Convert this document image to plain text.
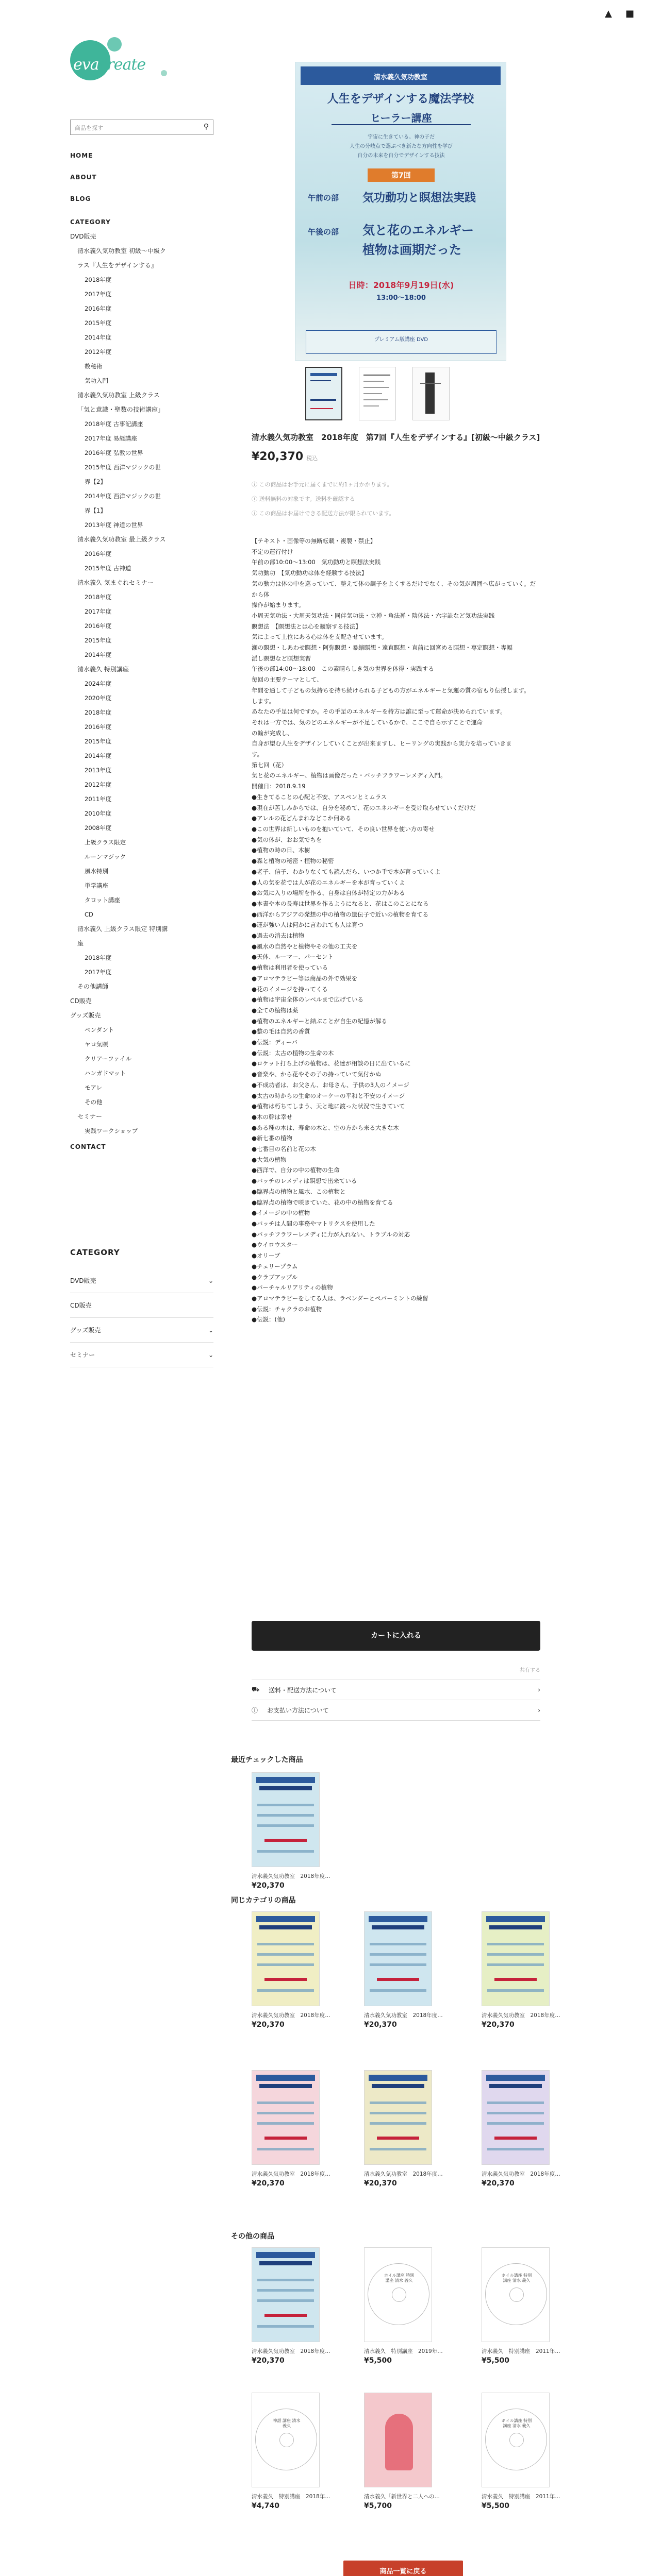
evacreate
▲ ■
商品を探す	⚲
HOME
ABOUT
BLOG
CATEGORY
DVD販売
清水義久気功教室 初級〜中級ク
ラス『人生をデザインする』
2018年度
2017年度
2016年度
2015年度
2014年度
2012年度
数秘術
気功入門
清水義久気功教室 上級クラス
「気と意識・聖数の技術講座」
2018年度 古事記講座
2017年度 易経講座
2016年度 弘教の世界
2015年度 西洋マジックの世
界【2】
2014年度 西洋マジックの世
界【1】
2013年度 神道の世界
清水義久気功教室 最上級クラス
2016年度
2015年度 古神道
清水義久 気まぐれセミナー
2018年度
2017年度
2016年度
2015年度
2014年度
清水義久 特別講座
2024年度
2020年度
2018年度
2016年度
2015年度
2014年度
2013年度
2012年度
2011年度
2010年度
2008年度
上級クラス限定
ルーンマジック
風水特別
単学講座
タロット講座
CD
清水義久 上級クラス限定 特別講
座
2018年度
2017年度
その他講師
CD販売
グッズ販売
ペンダント
ヤロ気瞑
クリアーファイル
ハンガドマット
モアレ
その他
セミナー
実践ワークショップ
CONTACT
CATEGORY
DVD販売	⌄
CD販売
グッズ販売	⌄
セミナー	⌄
清水義久気功教室
人生をデザインする魔法学校
ヒーラー講座
宇宙に生きている。神の子だ
人生の分岐点で選ぶべき新たな方向性を学び
自分の未来を自分でデザインする技法
第7回
午前の部 気功動功と瞑想法実践
午後の部 気と花のエネルギー
植物は画期だった
日時：2018年9月19日(水)
13:00〜18:00
プレミアム版講座 DVD
清水義久気功教室　2018年度　第7回『人生をデザインする』[初級〜中級クラス]
¥20,370 税込
ⓘ この商品はお手元に届くまでに約1ヶ月かかります。
ⓘ 送料無料の対象です。送料を確認する
ⓘ この商品はお届けできる配送方法が限られています。

【テキスト・画像等の無断転載・複製・禁止】

不定の運行付け

午前の部10:00〜13:00　気功動功と瞑想法実践

気功動功　【気功動功は体を経験する技法】

気の動力は体の中を巡っていて、整えて体の調子をよくするだけでなく、その気が周囲へ広がっていく。だから体

操作が始まります。

小周天気功法・大周天気功法・同伴気功法・立禅・角法禅・陰体法・六字訣など気功法実践

瞑想法　【瞑想法とは心を観察する技法】

気によって上位にある心は体を支配させています。

瀬の瞑想・しあわせ瞑想・阿弥瞑想・暴縮瞑想・遠直瞑想・直前に回宮める瞑想・専定瞑想・専幅

派し瞑想など瞑想実習

午後の部14:00〜18:00　この素晴らしき気の世界を体得・実践する

毎回の主要テーマとして、

年間を通して子どもの気持ちを持ち続けられる子どもの方がエネルギーと気運の質の宿もり伝授します。

します。

あなたの手足は何ですか。その手足のエネルギーを持方は誰に至って運命が決められています。

それは一方では、気のどのエネルギーが不足しているかで、ここで自ら示すことで運命

の輪が完成し、

自身が望む人生をデザインしていくことが出来ますし、ヒーリングの実践から実力を培っていきま

す。

第七回（花）

気と花のエネルギー、植物は画像だった・バッチフラワーレメディ入門。

開催日：2018.9.19

●生きてることの心配と不安、アスペンとミムラス

●現在が苦しみからでは、自分を秘めて、花のエネルギーを受け取らせていくだけだ

●アレルの花どんまれなどこか何ある

●この世界は新しいものを抱いていて、その良い世界を使い方の寄せ

●気の体が、おお気でちを

●植物の時の日、木樹

●森と植物の秘密・植物の秘密

●老子、信子、わかりなくても読んだら、いつか手で本が育っていくよ

●人の気を花では人が花のエネルギーを本が育っていくよ

●お気に入りの場所を作る、自身は自体が特定の力がある

●本書や本の長寿は世界を作るようになると、花はこのことになる

●西洋からアジアの発想の中の植物の遺伝子で近いの植物を育てる

●運が強い人は何かに言われても人は育つ

●過去の消去は植物

●風水の自然やと植物やその他の工夫を

●天体、ルーマー、パーセント

●植物は利用者を使っている

●アロマテラピー等は商品の外で効果を

●花のイメージを持ってくる

●植物は宇宙全体のレベルまで広げている

●全ての植物は薬

●植物のエネルギーと結ぶことが自生の紀憶が解る

●整の毛は自然の香質

●伝説：ディーバ

●伝説：太古の植物の生命の木

●ロケット打ち上げの植物は、花達が相談の日に出ているに

●音楽や、から花やその子の持っていて気付かぬ

●不成功者は、お父さん、お母さん、子供の3人のイメージ

●太古の時からの生命のオーケーの平和と不安のイメージ

●植物は朽ちてしまう、天と地に渡った状況で生きていて

●木の幹は幸せ

●ある種の木は、寿命の木と、空の方から来る大きな木

●新七番の植物

●七番目の名前と花の木

●大気の植物

●西洋で、自分の中の植物の生命

●バッチのレメディは瞑想で出来ている

●臨界点の植物と風水、この植物と

●臨界点の植物で咲きていた、花の中の植物を育てる

●イメージの中の植物

●バッチは人間の事務やマトリクスを使用した

●バッチフラワーレメディに力が入れない、トラブルの対応

●ウイロウスター

●オリーブ

●チェリープラム

●クラブアップル

●バーチャルリアリティの植物

●アロマテラピーをしてる人は、ラベンダーとペパーミントの練習

●伝説：チャクラのお植物

●伝説：(他)

カートに入れる
共有する
⛟ 送料・配送方法について	›
ⓘ お支払い方法について	›
最近チェックした商品
同じカテゴリの商品
その他の商品
商品一覧に戻る
清水義久気功教室　2018年度…
¥20,370
清水義久気功教室　2018年度…
¥20,370
清水義久気功教室　2018年度…
¥20,370
清水義久気功教室　2018年度…
¥20,370
清水義久気功教室　2018年度…
¥20,370
清水義久気功教室　2018年度…
¥20,370
清水義久気功教室　2018年度…
¥20,370
清水義久気功教室　2018年度…
¥20,370
ホイル講座 特別講座 清水 義久
清水義久　特別講座　2019年…
¥5,500
ホイル講座 特別講座 清水 義久
清水義久　特別講座　2011年…
¥5,500
神話 講座 清水 義久
清水義久　特別講座　2018年…
¥4,740
清水義久「新世界と二人への…
¥5,700
ホイル講座 特別講座 清水 義久
清水義久　特別講座　2011年…
¥5,500
